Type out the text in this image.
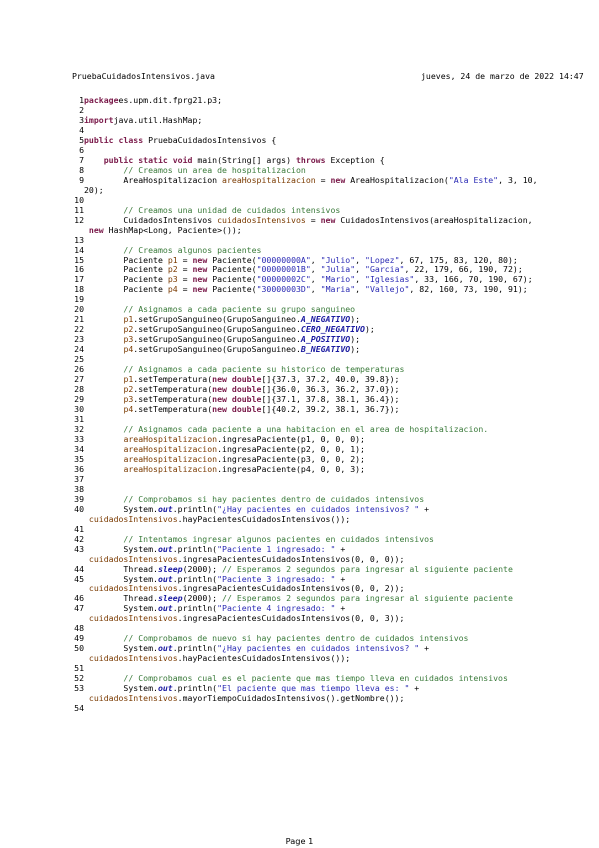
PruebaCuidadosIntensivos.java	jueves, 24 de marzo de 2022 14:47
1packagees.upm.dit.fprg21.p3;
2
3importjava.util.HashMap;
4
5public class PruebaCuidadosIntensivos {
6
7 public static void main(String[] args) throws Exception {
8        // Creamos un area de hospitalizacion
9        AreaHospitalizacion areaHospitalizacion = new AreaHospitalizacion("Ala Este", 3, 10,
20);
10
11        // Creamos una unidad de cuidados intensivos
12        CuidadosIntensivos cuidadosIntensivos = new CuidadosIntensivos(areaHospitalizacion,
new HashMap<Long, Paciente>());
13
14        // Creamos algunos pacientes
15        Paciente p1 = new Paciente("00000000A", "Julio", "Lopez", 67, 175, 83, 120, 80);
16        Paciente p2 = new Paciente("00000001B", "Julia", "Garcia", 22, 179, 66, 190, 72);
17        Paciente p3 = new Paciente("00000002C", "Mario", "Iglesias", 33, 166, 70, 190, 67);
18        Paciente p4 = new Paciente("30000003D", "Maria", "Vallejo", 82, 160, 73, 190, 91);
19
20        // Asignamos a cada paciente su grupo sanguineo
21	p1.setGrupoSanguineo(GrupoSanguineo.A_NEGATIVO);
22	p2.setGrupoSanguineo(GrupoSanguineo.CERO_NEGATIVO);
23	p3.setGrupoSanguineo(GrupoSanguineo.A_POSITIVO);
24	p4.setGrupoSanguineo(GrupoSanguineo.B_NEGATIVO);
25
26        // Asignamos a cada paciente su historico de temperaturas
27	p1.setTemperatura(new double[]{37.3, 37.2, 40.0, 39.8});
28	p2.setTemperatura(new double[]{36.0, 36.3, 36.2, 37.0});
29	p3.setTemperatura(new double[]{37.1, 37.8, 38.1, 36.4});
30	p4.setTemperatura(new double[]{40.2, 39.2, 38.1, 36.7});
31
32        // Asignamos cada paciente a una habitacion en el area de hospitalizacion.
33	areaHospitalizacion.ingresaPaciente(p1, 0, 0, 0);
34	areaHospitalizacion.ingresaPaciente(p2, 0, 0, 1);
35	areaHospitalizacion.ingresaPaciente(p3, 0, 0, 2);
36	areaHospitalizacion.ingresaPaciente(p4, 0, 0, 3);
37
38
39        // Comprobamos si hay pacientes dentro de cuidados intensivos
40        System.out.println("¿Hay pacientes en cuidados intensivos? " +
cuidadosIntensivos.hayPacientesCuidadosIntensivos());
41
42        // Intentamos ingresar algunos pacientes en cuidados intensivos
43        System.out.println("Paciente 1 ingresado: " +
cuidadosIntensivos.ingresaPacientesCuidadosIntensivos(0, 0, 0));
44        Thread.sleep(2000); // Esperamos 2 segundos para ingresar al siguiente paciente
45        System.out.println("Paciente 3 ingresado: " +
cuidadosIntensivos.ingresaPacientesCuidadosIntensivos(0, 0, 2));
46        Thread.sleep(2000); // Esperamos 2 segundos para ingresar al siguiente paciente
47        System.out.println("Paciente 4 ingresado: " +
cuidadosIntensivos.ingresaPacientesCuidadosIntensivos(0, 0, 3));
48
49        // Comprobamos de nuevo si hay pacientes dentro de cuidados intensivos
50        System.out.println("¿Hay pacientes en cuidados intensivos? " +
cuidadosIntensivos.hayPacientesCuidadosIntensivos());
51
52        // Comprobamos cual es el paciente que mas tiempo lleva en cuidados intensivos
53        System.out.println("El paciente que mas tiempo lleva es: " +
cuidadosIntensivos.mayorTiempoCuidadosIntensivos().getNombre());
54
Page 1
